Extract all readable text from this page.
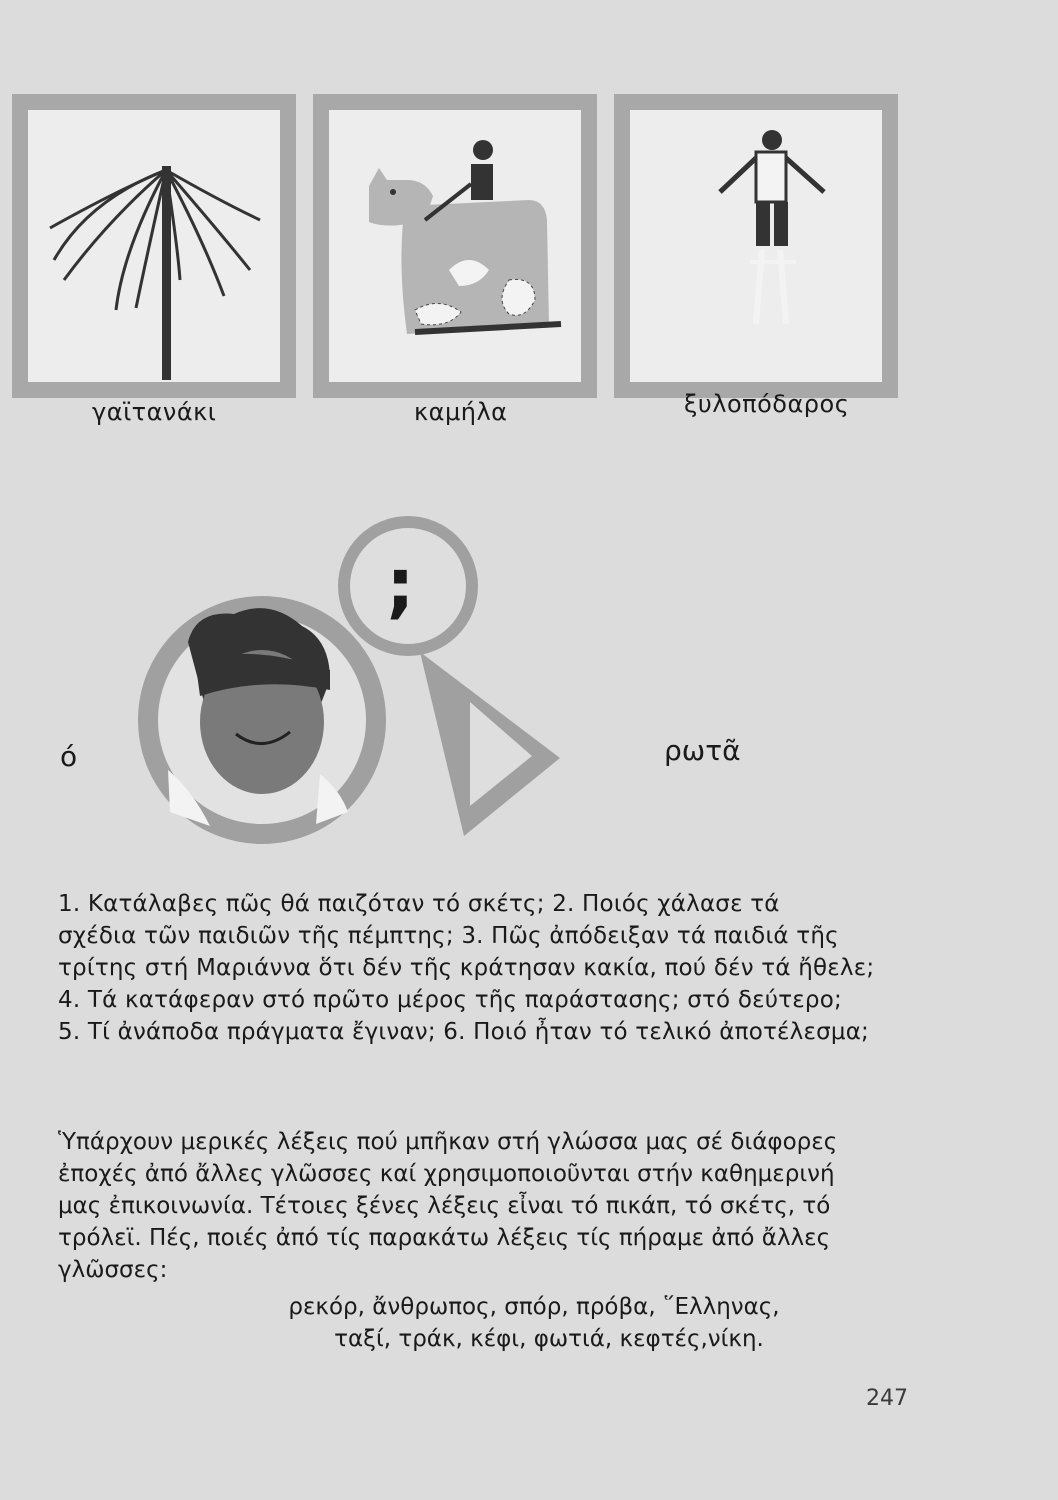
γαϊτανάκι	καμήλα	ξυλοπόδαρος
;
ό	ρωτᾶ
1. Κατάλαβες πῶς θά παιζόταν τό σκέτς; 2. Ποιός χάλασε τά
σχέδια τῶν παιδιῶν τῆς πέμπτης; 3. Πῶς ἀπόδειξαν τά παιδιά τῆς
τρίτης στή Μαριάννα ὅτι δέν τῆς κράτησαν κακία, πού δέν τά ἤθελε;
4. Τά κατάφεραν στό πρῶτο μέρος τῆς παράστασης; στό δεύτερο;
5. Τί ἀνάποδα πράγματα ἔγιναν; 6. Ποιό ἦταν τό τελικό ἀποτέλεσμα;
Ὑπάρχουν μερικές λέξεις πού μπῆκαν στή γλώσσα μας σέ διάφορες
ἐποχές ἀπό ἄλλες γλῶσσες καί χρησιμοποιοῦνται στήν καθημερινή
μας ἐπικοινωνία. Τέτοιες ξένες λέξεις εἶναι τό πικάπ, τό σκέτς, τό
τρόλεϊ. Πές, ποιές ἀπό τίς παρακάτω λέξεις τίς πήραμε ἀπό ἄλλες
γλῶσσες:
ρεκόρ, ἄνθρωπος, σπόρ, πρόβα, ῞Ελληνας,
ταξί, τράκ, κέφι, φωτιά, κεφτές,νίκη.
247
